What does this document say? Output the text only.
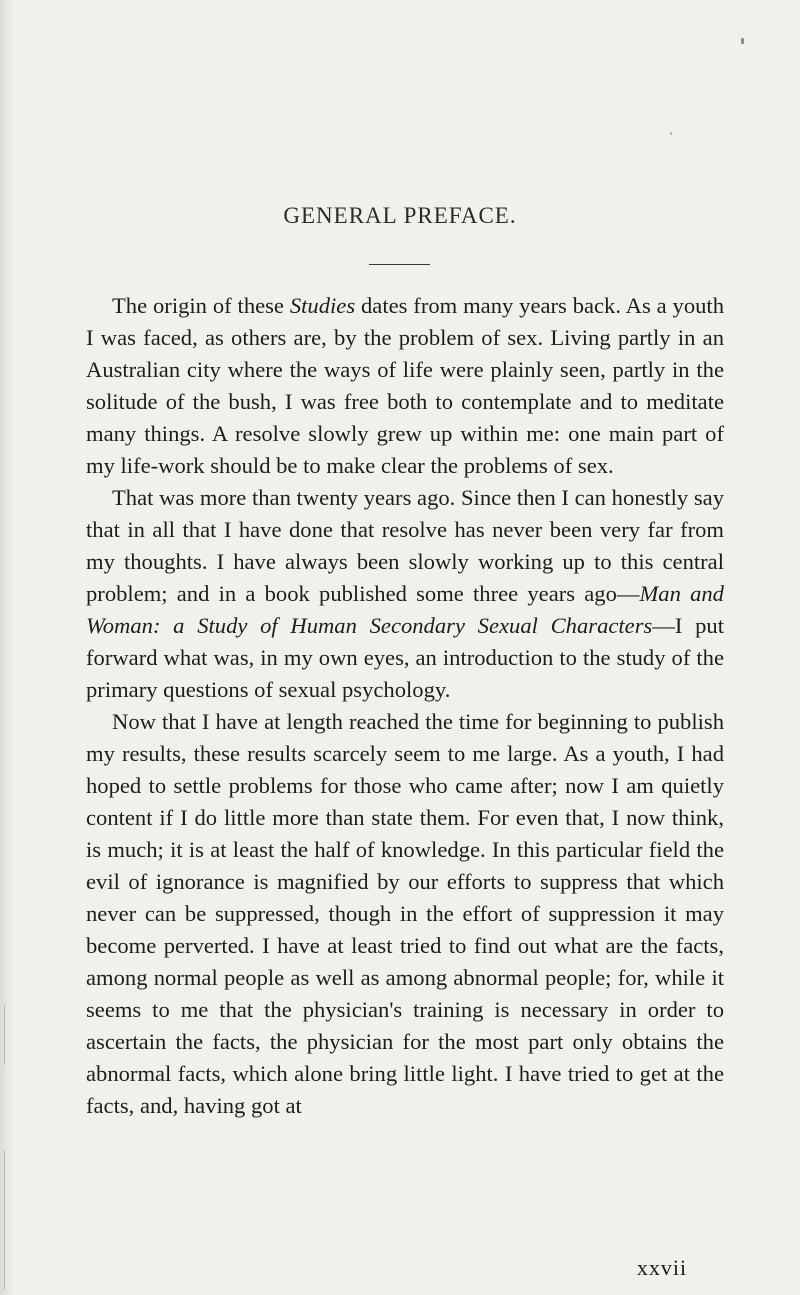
GENERAL PREFACE.

The origin of these Studies dates from many years back. As a youth I was faced, as others are, by the problem of sex. Living partly in an Australian city where the ways of life were plainly seen, partly in the solitude of the bush, I was free both to contemplate and to meditate many things. A resolve slowly grew up within me: one main part of my life-work should be to make clear the problems of sex.

That was more than twenty years ago. Since then I can honestly say that in all that I have done that resolve has never been very far from my thoughts. I have always been slowly working up to this central problem; and in a book published some three years ago—Man and Woman: a Study of Human Secondary Sexual Characters—I put forward what was, in my own eyes, an introduction to the study of the primary questions of sexual psychology.

Now that I have at length reached the time for beginning to publish my results, these results scarcely seem to me large. As a youth, I had hoped to settle problems for those who came after; now I am quietly content if I do little more than state them. For even that, I now think, is much; it is at least the half of knowledge. In this particular field the evil of ignorance is magnified by our efforts to suppress that which never can be suppressed, though in the effort of suppression it may become perverted. I have at least tried to find out what are the facts, among normal people as well as among abnormal people; for, while it seems to me that the physician's training is necessary in order to ascertain the facts, the physician for the most part only obtains the abnormal facts, which alone bring little light. I have tried to get at the facts, and, having got at

xxvii
